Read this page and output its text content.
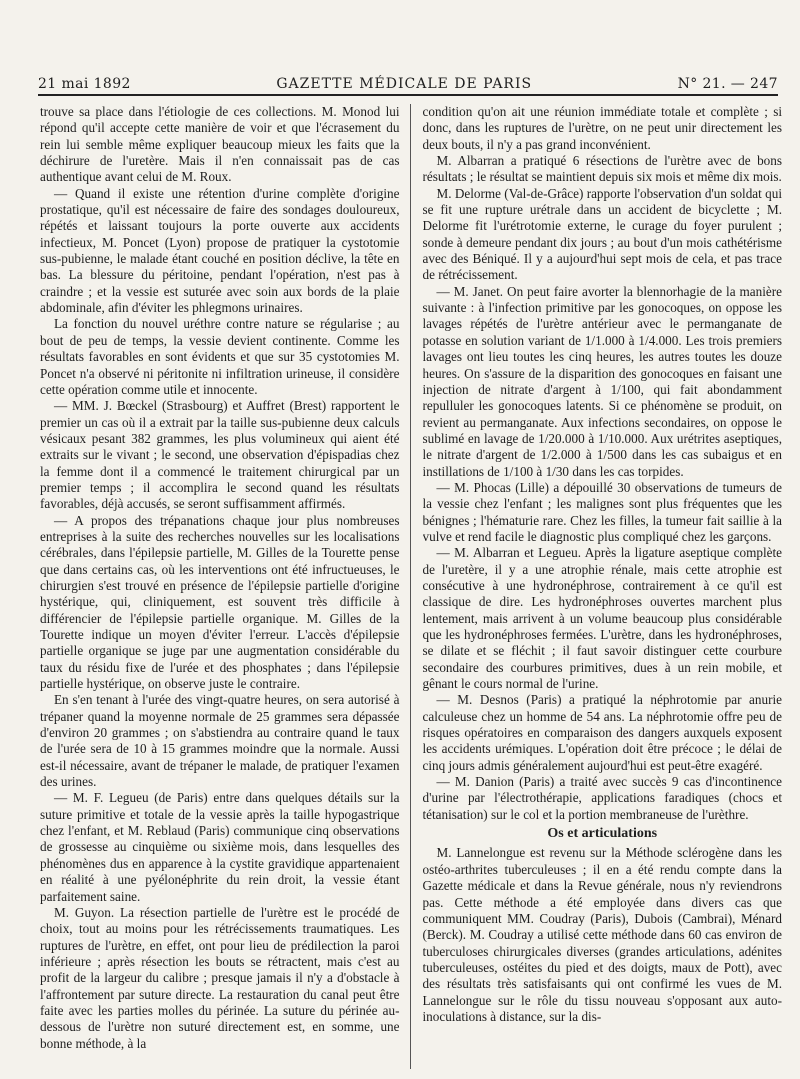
21 mai 1892	GAZETTE MÉDICALE DE PARIS	N° 21. — 247

trouve sa place dans l'étiologie de ces collections. M. Monod lui répond qu'il accepte cette manière de voir et que l'écrasement du rein lui semble même expliquer beaucoup mieux les faits que la déchirure de l'uretère. Mais il n'en connaissait pas de cas authentique avant celui de M. Roux.

— Quand il existe une rétention d'urine complète d'origine prostatique, qu'il est nécessaire de faire des sondages douloureux, répétés et laissant toujours la porte ouverte aux accidents infectieux, M. Poncet (Lyon) propose de pratiquer la cystotomie sus-pubienne, le malade étant couché en position déclive, la tête en bas. La blessure du péritoine, pendant l'opération, n'est pas à craindre ; et la vessie est suturée avec soin aux bords de la plaie abdominale, afin d'éviter les phlegmons urinaires.

La fonction du nouvel uréthre contre nature se régularise ; au bout de peu de temps, la vessie devient continente. Comme les résultats favorables en sont évidents et que sur 35 cystotomies M. Poncet n'a observé ni péritonite ni infiltration urineuse, il considère cette opération comme utile et innocente.

— MM. J. Bœckel (Strasbourg) et Auffret (Brest) rapportent le premier un cas où il a extrait par la taille sus-pubienne deux calculs vésicaux pesant 382 grammes, les plus volumineux qui aient été extraits sur le vivant ; le second, une observation d'épispadias chez la femme dont il a commencé le traitement chirurgical par un premier temps ; il accomplira le second quand les résultats favorables, déjà accusés, se seront suffisamment affirmés.

— A propos des trépanations chaque jour plus nombreuses entreprises à la suite des recherches nouvelles sur les localisations cérébrales, dans l'épilepsie partielle, M. Gilles de la Tourette pense que dans certains cas, où les interventions ont été infructueuses, le chirurgien s'est trouvé en présence de l'épilepsie partielle d'origine hystérique, qui, cliniquement, est souvent très difficile à différencier de l'épilepsie partielle organique. M. Gilles de la Tourette indique un moyen d'éviter l'erreur. L'accès d'épilepsie partielle organique se juge par une augmentation considérable du taux du résidu fixe de l'urée et des phosphates ; dans l'épilepsie partielle hystérique, on observe juste le contraire.

En s'en tenant à l'urée des vingt-quatre heures, on sera autorisé à trépaner quand la moyenne normale de 25 grammes sera dépassée d'environ 20 grammes ; on s'abstiendra au contraire quand le taux de l'urée sera de 10 à 15 grammes moindre que la normale. Aussi est-il nécessaire, avant de trépaner le malade, de pratiquer l'examen des urines.

— M. F. Legueu (de Paris) entre dans quelques détails sur la suture primitive et totale de la vessie après la taille hypogastrique chez l'enfant, et M. Reblaud (Paris) communique cinq observations de grossesse au cinquième ou sixième mois, dans lesquelles des phénomènes dus en apparence à la cystite gravidique appartenaient en réalité à une pyélonéphrite du rein droit, la vessie étant parfaitement saine.

M. Guyon. La résection partielle de l'urètre est le procédé de choix, tout au moins pour les rétrécissements traumatiques. Les ruptures de l'urètre, en effet, ont pour lieu de prédilection la paroi inférieure ; après résection les bouts se rétractent, mais c'est au profit de la largeur du calibre ; presque jamais il n'y a d'obstacle à l'affrontement par suture directe. La restauration du canal peut être faite avec les parties molles du périnée. La suture du périnée au-dessous de l'urètre non suturé directement est, en somme, une bonne méthode, à la

condition qu'on ait une réunion immédiate totale et complète ; si donc, dans les ruptures de l'urètre, on ne peut unir directement les deux bouts, il n'y a pas grand inconvénient.

M. Albarran a pratiqué 6 résections de l'urètre avec de bons résultats ; le résultat se maintient depuis six mois et même dix mois.

M. Delorme (Val-de-Grâce) rapporte l'observation d'un soldat qui se fit une rupture urétrale dans un accident de bicyclette ; M. Delorme fit l'urétrotomie externe, le curage du foyer purulent ; sonde à demeure pendant dix jours ; au bout d'un mois cathétérisme avec des Béniqué. Il y a aujourd'hui sept mois de cela, et pas trace de rétrécissement.

— M. Janet. On peut faire avorter la blennorhagie de la manière suivante : à l'infection primitive par les gonocoques, on oppose les lavages répétés de l'urètre antérieur avec le permanganate de potasse en solution variant de 1/1.000 à 1/4.000. Les trois premiers lavages ont lieu toutes les cinq heures, les autres toutes les douze heures. On s'assure de la disparition des gonocoques en faisant une injection de nitrate d'argent à 1/100, qui fait abondamment repulluler les gonocoques latents. Si ce phénomène se produit, on revient au permanganate. Aux infections secondaires, on oppose le sublimé en lavage de 1/20.000 à 1/10.000. Aux urétrites aseptiques, le nitrate d'argent de 1/2.000 à 1/500 dans les cas subaigus et en instillations de 1/100 à 1/30 dans les cas torpides.

— M. Phocas (Lille) a dépouillé 30 observations de tumeurs de la vessie chez l'enfant ; les malignes sont plus fréquentes que les bénignes ; l'hématurie rare. Chez les filles, la tumeur fait saillie à la vulve et rend facile le diagnostic plus compliqué chez les garçons.

— M. Albarran et Legueu. Après la ligature aseptique complète de l'uretère, il y a une atrophie rénale, mais cette atrophie est consécutive à une hydronéphrose, contrairement à ce qu'il est classique de dire. Les hydronéphroses ouvertes marchent plus lentement, mais arrivent à un volume beaucoup plus considérable que les hydronéphroses fermées. L'urètre, dans les hydronéphroses, se dilate et se fléchit ; il faut savoir distinguer cette courbure secondaire des courbures primitives, dues à un rein mobile, et gênant le cours normal de l'urine.

— M. Desnos (Paris) a pratiqué la néphrotomie par anurie calculeuse chez un homme de 54 ans. La néphrotomie offre peu de risques opératoires en comparaison des dangers auxquels exposent les accidents urémiques. L'opération doit être précoce ; le délai de cinq jours admis généralement aujourd'hui est peut-être exagéré.

— M. Danion (Paris) a traité avec succès 9 cas d'incontinence d'urine par l'électrothérapie, applications faradiques (chocs et tétanisation) sur le col et la portion membraneuse de l'urèthre.

Os et articulations

M. Lannelongue est revenu sur la Méthode sclérogène dans les ostéo-arthrites tuberculeuses ; il en a été rendu compte dans la Gazette médicale et dans la Revue générale, nous n'y reviendrons pas. Cette méthode a été employée dans divers cas que communiquent MM. Coudray (Paris), Dubois (Cambrai), Ménard (Berck). M. Coudray a utilisé cette méthode dans 60 cas environ de tuberculoses chirurgicales diverses (grandes articulations, adénites tuberculeuses, ostéites du pied et des doigts, maux de Pott), avec des résultats très satisfaisants qui ont confirmé les vues de M. Lannelongue sur le rôle du tissu nouveau s'opposant aux auto-inoculations à distance, sur la dis-
